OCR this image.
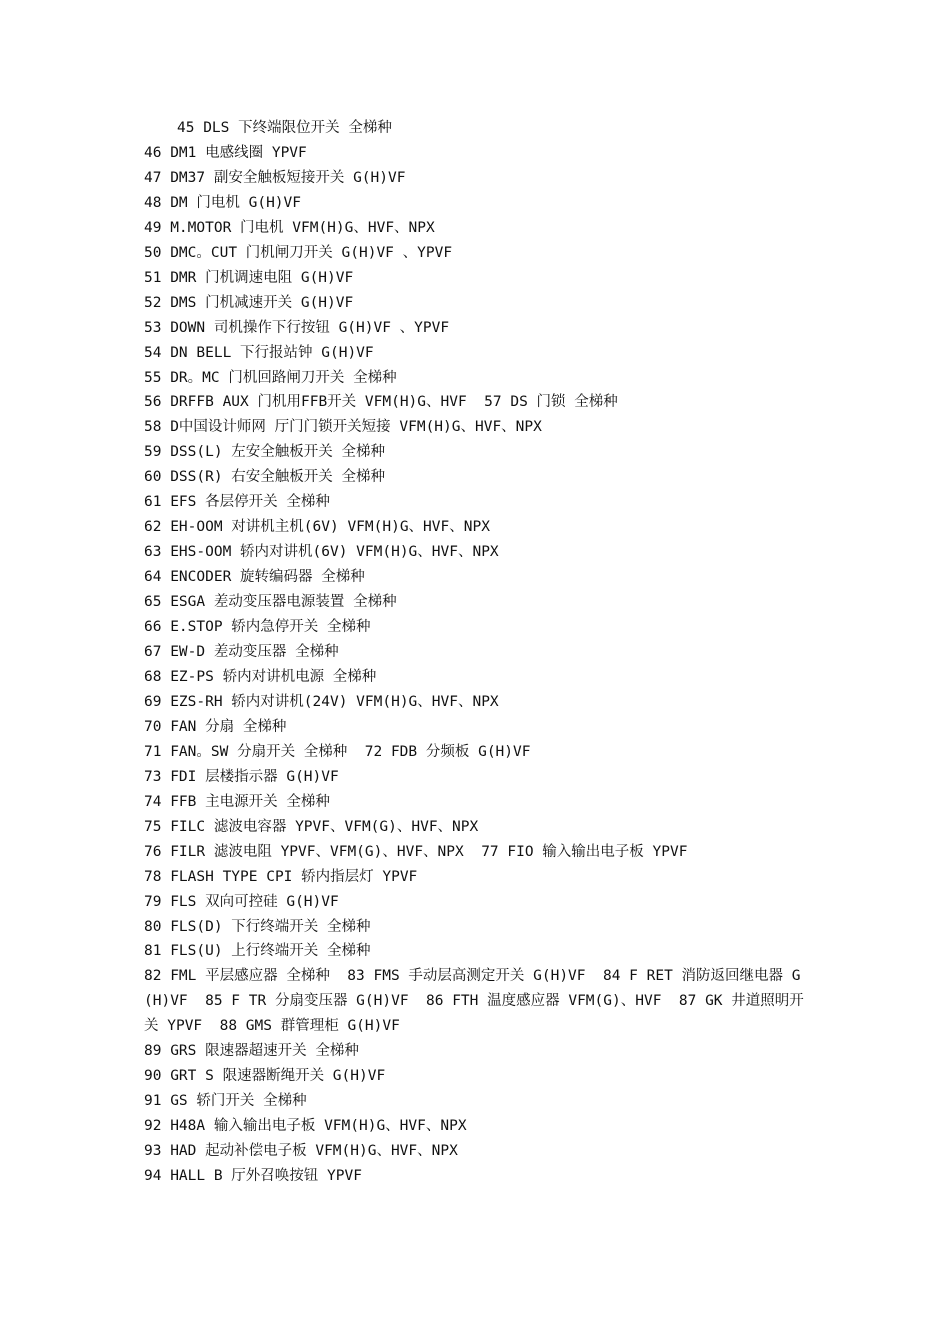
45 DLS 下终端限位开关 全梯种

46 DM1 电感线圈 YPVF

47 DM37 副安全触板短接开关 G(H)VF

48 DM 门电机 G(H)VF

49 M.MOTOR 门电机 VFM(H)G、HVF、NPX

50 DMC。CUT 门机闸刀开关 G(H)VF 、YPVF

51 DMR 门机调速电阻 G(H)VF

52 DMS 门机减速开关 G(H)VF

53 DOWN 司机操作下行按钮 G(H)VF 、YPVF

54 DN BELL 下行报站钟 G(H)VF

55 DR。MC 门机回路闸刀开关 全梯种

56 DRFFB AUX 门机用FFB开关 VFM(H)G、HVF  57 DS 门锁 全梯种

58 D中国设计师网 厅门门锁开关短接 VFM(H)G、HVF、NPX

59 DSS(L) 左安全触板开关 全梯种

60 DSS(R) 右安全触板开关 全梯种

61 EFS 各层停开关 全梯种

62 EH-OOM 对讲机主机(6V) VFM(H)G、HVF、NPX

63 EHS-OOM 轿内对讲机(6V) VFM(H)G、HVF、NPX

64 ENCODER 旋转编码器 全梯种

65 ESGA 差动变压器电源装置 全梯种

66 E.STOP 轿内急停开关 全梯种

67 EW-D 差动变压器 全梯种

68 EZ-PS 轿内对讲机电源 全梯种

69 EZS-RH 轿内对讲机(24V) VFM(H)G、HVF、NPX

70 FAN 分扇 全梯种

71 FAN。SW 分扇开关 全梯种  72 FDB 分频板 G(H)VF

73 FDI 层楼指示器 G(H)VF

74 FFB 主电源开关 全梯种

75 FILC 滤波电容器 YPVF、VFM(G)、HVF、NPX

76 FILR 滤波电阻 YPVF、VFM(G)、HVF、NPX  77 FIO 输入输出电子板 YPVF

78 FLASH TYPE CPI 轿内指层灯 YPVF

79 FLS 双向可控硅 G(H)VF

80 FLS(D) 下行终端开关 全梯种

81 FLS(U) 上行终端开关 全梯种

82 FML 平层感应器 全梯种  83 FMS 手动层高测定开关 G(H)VF  84 F RET 消防返回继电器 G(H)VF  85 F TR 分扇变压器 G(H)VF  86 FTH 温度感应器 VFM(G)、HVF  87 GK 井道照明开关 YPVF  88 GMS 群管理柜 G(H)VF

89 GRS 限速器超速开关 全梯种

90 GRT S 限速器断绳开关 G(H)VF

91 GS 轿门开关 全梯种

92 H48A 输入输出电子板 VFM(H)G、HVF、NPX

93 HAD 起动补偿电子板 VFM(H)G、HVF、NPX

94 HALL B 厅外召唤按钮 YPVF
